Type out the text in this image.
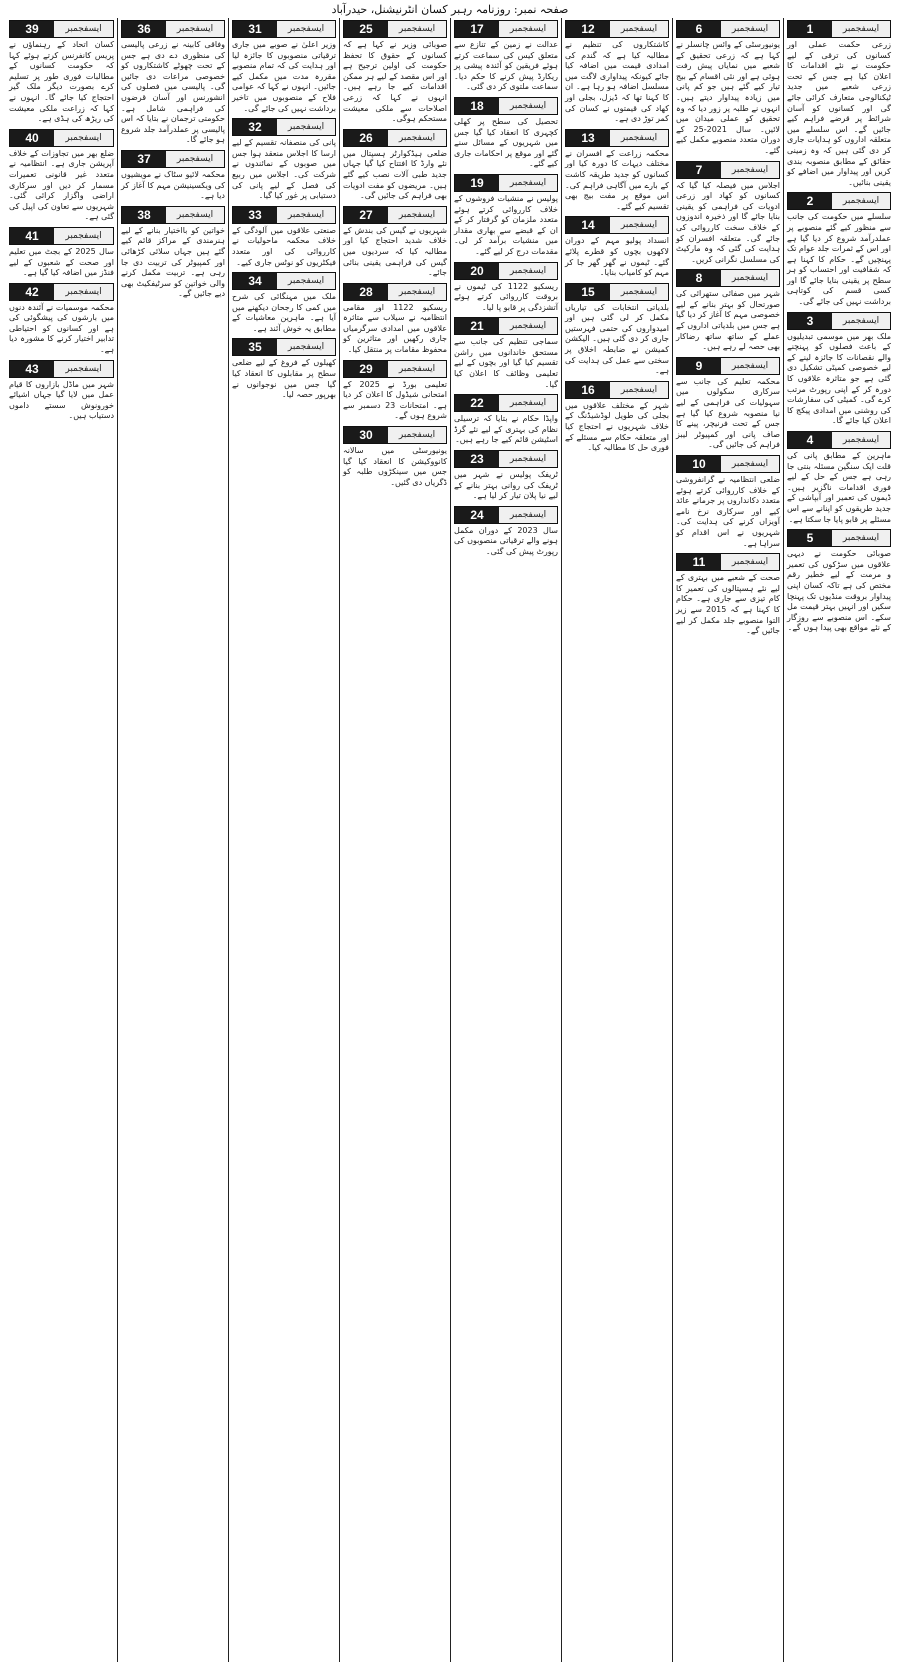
صفحہ نمبر: روزنامہ رہبر کسان انٹرنیشنل، حیدرآباد
ایسفجمبر
1

زرعی حکمت عملی اور کسانوں کی ترقی کے لیے حکومت نے نئے اقدامات کا اعلان کیا ہے جس کے تحت زرعی شعبے میں جدید ٹیکنالوجی متعارف کرائی جائے گی اور کسانوں کو آسان شرائط پر قرضے فراہم کیے جائیں گے۔ اس سلسلے میں متعلقہ اداروں کو ہدایات جاری کر دی گئی ہیں کہ وہ زمینی حقائق کے مطابق منصوبہ بندی کریں اور پیداوار میں اضافے کو یقینی بنائیں۔

ایسفجمبر
2

سلسلے میں حکومت کی جانب سے منظور کیے گئے منصوبے پر عملدرآمد شروع کر دیا گیا ہے اور اس کے ثمرات جلد عوام تک پہنچیں گے۔ حکام کا کہنا ہے کہ شفافیت اور احتساب کو ہر سطح پر یقینی بنایا جائے گا اور کسی قسم کی کوتاہی برداشت نہیں کی جائے گی۔

ایسفجمبر
3

ملک بھر میں موسمی تبدیلیوں کے باعث فصلوں کو پہنچنے والے نقصانات کا جائزہ لینے کے لیے خصوصی کمیٹی تشکیل دی گئی ہے جو متاثرہ علاقوں کا دورہ کر کے اپنی رپورٹ مرتب کرے گی۔ کمیٹی کی سفارشات کی روشنی میں امدادی پیکج کا اعلان کیا جائے گا۔

ایسفجمبر
4

ماہرین کے مطابق پانی کی قلت ایک سنگین مسئلہ بنتی جا رہی ہے جس کے حل کے لیے فوری اقدامات ناگزیر ہیں۔ ڈیموں کی تعمیر اور آبپاشی کے جدید طریقوں کو اپنانے سے اس مسئلے پر قابو پایا جا سکتا ہے۔

ایسفجمبر
5

صوبائی حکومت نے دیہی علاقوں میں سڑکوں کی تعمیر و مرمت کے لیے خطیر رقم مختص کی ہے تاکہ کسان اپنی پیداوار بروقت منڈیوں تک پہنچا سکیں اور انہیں بہتر قیمت مل سکے۔ اس منصوبے سے روزگار کے نئے مواقع بھی پیدا ہوں گے۔

ایسفجمبر
6

یونیورسٹی کے وائس چانسلر نے کہا ہے کہ زرعی تحقیق کے شعبے میں نمایاں پیش رفت ہوئی ہے اور نئی اقسام کے بیج تیار کیے گئے ہیں جو کم پانی میں زیادہ پیداوار دیتے ہیں۔ انہوں نے طلبہ پر زور دیا کہ وہ تحقیق کو عملی میدان میں لائیں۔ سال 2021-25 کے دوران متعدد منصوبے مکمل کیے گئے۔

ایسفجمبر
7

اجلاس میں فیصلہ کیا گیا کہ کسانوں کو کھاد اور زرعی ادویات کی فراہمی کو یقینی بنایا جائے گا اور ذخیرہ اندوزوں کے خلاف سخت کارروائی کی جائے گی۔ متعلقہ افسران کو ہدایت کی گئی کہ وہ مارکیٹ کی مسلسل نگرانی کریں۔

ایسفجمبر
8

شہر میں صفائی ستھرائی کی صورتحال کو بہتر بنانے کے لیے خصوصی مہم کا آغاز کر دیا گیا ہے جس میں بلدیاتی اداروں کے عملے کے ساتھ ساتھ رضاکار بھی حصہ لے رہے ہیں۔

ایسفجمبر
9

محکمہ تعلیم کی جانب سے سرکاری سکولوں میں سہولیات کی فراہمی کے لیے نیا منصوبہ شروع کیا گیا ہے جس کے تحت فرنیچر، پینے کا صاف پانی اور کمپیوٹر لیبز فراہم کی جائیں گی۔

ایسفجمبر
10

ضلعی انتظامیہ نے گرانفروشی کے خلاف کارروائی کرتے ہوئے متعدد دکانداروں پر جرمانے عائد کیے اور سرکاری نرخ نامے آویزاں کرنے کی ہدایت کی۔ شہریوں نے اس اقدام کو سراہا ہے۔

ایسفجمبر
11

صحت کے شعبے میں بہتری کے لیے نئے ہسپتالوں کی تعمیر کا کام تیزی سے جاری ہے۔ حکام کا کہنا ہے کہ 2015 سے زیر التوا منصوبے جلد مکمل کر لیے جائیں گے۔

ایسفجمبر
12

کاشتکاروں کی تنظیم نے مطالبہ کیا ہے کہ گندم کی امدادی قیمت میں اضافہ کیا جائے کیونکہ پیداواری لاگت میں مسلسل اضافہ ہو رہا ہے۔ ان کا کہنا تھا کہ ڈیزل، بجلی اور کھاد کی قیمتوں نے کسان کی کمر توڑ دی ہے۔

ایسفجمبر
13

محکمہ زراعت کے افسران نے مختلف دیہات کا دورہ کیا اور کسانوں کو جدید طریقہ کاشت کے بارے میں آگاہی فراہم کی۔ اس موقع پر مفت بیج بھی تقسیم کیے گئے۔

ایسفجمبر
14

انسداد پولیو مہم کے دوران لاکھوں بچوں کو قطرے پلائے گئے۔ ٹیموں نے گھر گھر جا کر مہم کو کامیاب بنایا۔

ایسفجمبر
15

بلدیاتی انتخابات کی تیاریاں مکمل کر لی گئی ہیں اور امیدواروں کی حتمی فہرستیں جاری کر دی گئی ہیں۔ الیکشن کمیشن نے ضابطہ اخلاق پر سختی سے عمل کی ہدایت کی ہے۔

ایسفجمبر
16

شہر کے مختلف علاقوں میں بجلی کی طویل لوڈشیڈنگ کے خلاف شہریوں نے احتجاج کیا اور متعلقہ حکام سے مسئلے کے فوری حل کا مطالبہ کیا۔

ایسفجمبر
17

عدالت نے زمین کے تنازع سے متعلق کیس کی سماعت کرتے ہوئے فریقین کو آئندہ پیشی پر ریکارڈ پیش کرنے کا حکم دیا۔ سماعت ملتوی کر دی گئی۔

ایسفجمبر
18

تحصیل کی سطح پر کھلی کچہری کا انعقاد کیا گیا جس میں شہریوں کے مسائل سنے گئے اور موقع پر احکامات جاری کیے گئے۔

ایسفجمبر
19

پولیس نے منشیات فروشوں کے خلاف کارروائی کرتے ہوئے متعدد ملزمان کو گرفتار کر کے ان کے قبضے سے بھاری مقدار میں منشیات برآمد کر لی۔ مقدمات درج کر لیے گئے۔

ایسفجمبر
20

ریسکیو 1122 کی ٹیموں نے بروقت کارروائی کرتے ہوئے آتشزدگی پر قابو پا لیا۔

ایسفجمبر
21

سماجی تنظیم کی جانب سے مستحق خاندانوں میں راشن تقسیم کیا گیا اور بچوں کے لیے تعلیمی وظائف کا اعلان کیا گیا۔

ایسفجمبر
22

واپڈا حکام نے بتایا کہ ترسیلی نظام کی بہتری کے لیے نئے گرڈ اسٹیشن قائم کیے جا رہے ہیں۔

ایسفجمبر
23

ٹریفک پولیس نے شہر میں ٹریفک کی روانی بہتر بنانے کے لیے نیا پلان تیار کر لیا ہے۔

ایسفجمبر
24

سال 2023 کے دوران مکمل ہونے والے ترقیاتی منصوبوں کی رپورٹ پیش کی گئی۔

ایسفجمبر
25

صوبائی وزیر نے کہا ہے کہ کسانوں کے حقوق کا تحفظ حکومت کی اولین ترجیح ہے اور اس مقصد کے لیے ہر ممکن اقدامات کیے جا رہے ہیں۔ انہوں نے کہا کہ زرعی اصلاحات سے ملکی معیشت مستحکم ہوگی۔

ایسفجمبر
26

ضلعی ہیڈکوارٹر ہسپتال میں نئے وارڈ کا افتتاح کیا گیا جہاں جدید طبی آلات نصب کیے گئے ہیں۔ مریضوں کو مفت ادویات بھی فراہم کی جائیں گی۔

ایسفجمبر
27

شہریوں نے گیس کی بندش کے خلاف شدید احتجاج کیا اور مطالبہ کیا کہ سردیوں میں گیس کی فراہمی یقینی بنائی جائے۔

ایسفجمبر
28

ریسکیو 1122 اور مقامی انتظامیہ نے سیلاب سے متاثرہ علاقوں میں امدادی سرگرمیاں جاری رکھیں اور متاثرین کو محفوظ مقامات پر منتقل کیا۔

ایسفجمبر
29

تعلیمی بورڈ نے 2025 کے امتحانی شیڈول کا اعلان کر دیا ہے۔ امتحانات 23 دسمبر سے شروع ہوں گے۔

ایسفجمبر
30

یونیورسٹی میں سالانہ کانووکیشن کا انعقاد کیا گیا جس میں سینکڑوں طلبہ کو ڈگریاں دی گئیں۔

ایسفجمبر
31

وزیر اعلیٰ نے صوبے میں جاری ترقیاتی منصوبوں کا جائزہ لیا اور ہدایت کی کہ تمام منصوبے مقررہ مدت میں مکمل کیے جائیں۔ انہوں نے کہا کہ عوامی فلاح کے منصوبوں میں تاخیر برداشت نہیں کی جائے گی۔

ایسفجمبر
32

پانی کی منصفانہ تقسیم کے لیے ارسا کا اجلاس منعقد ہوا جس میں صوبوں کے نمائندوں نے شرکت کی۔ اجلاس میں ربیع کی فصل کے لیے پانی کی دستیابی پر غور کیا گیا۔

ایسفجمبر
33

صنعتی علاقوں میں آلودگی کے خلاف محکمہ ماحولیات نے کارروائی کی اور متعدد فیکٹریوں کو نوٹس جاری کیے۔

ایسفجمبر
34

ملک میں مہنگائی کی شرح میں کمی کا رجحان دیکھنے میں آیا ہے۔ ماہرین معاشیات کے مطابق یہ خوش آئند ہے۔

ایسفجمبر
35

کھیلوں کے فروغ کے لیے ضلعی سطح پر مقابلوں کا انعقاد کیا گیا جس میں نوجوانوں نے بھرپور حصہ لیا۔

ایسفجمبر
36

وفاقی کابینہ نے زرعی پالیسی کی منظوری دے دی ہے جس کے تحت چھوٹے کاشتکاروں کو خصوصی مراعات دی جائیں گی۔ پالیسی میں فصلوں کی انشورنس اور آسان قرضوں کی فراہمی شامل ہے۔ حکومتی ترجمان نے بتایا کہ اس پالیسی پر عملدرآمد جلد شروع ہو جائے گا۔

ایسفجمبر
37

محکمہ لائیو سٹاک نے مویشیوں کی ویکسینیشن مہم کا آغاز کر دیا ہے۔

ایسفجمبر
38

خواتین کو بااختیار بنانے کے لیے ہنرمندی کے مراکز قائم کیے گئے ہیں جہاں سلائی کڑھائی اور کمپیوٹر کی تربیت دی جا رہی ہے۔ تربیت مکمل کرنے والی خواتین کو سرٹیفکیٹ بھی دیے جائیں گے۔

ایسفجمبر
39

کسان اتحاد کے رہنماؤں نے پریس کانفرنس کرتے ہوئے کہا کہ حکومت کسانوں کے مطالبات فوری طور پر تسلیم کرے بصورت دیگر ملک گیر احتجاج کیا جائے گا۔ انہوں نے کہا کہ زراعت ملکی معیشت کی ریڑھ کی ہڈی ہے۔

ایسفجمبر
40

ضلع بھر میں تجاوزات کے خلاف آپریشن جاری ہے۔ انتظامیہ نے متعدد غیر قانونی تعمیرات مسمار کر دیں اور سرکاری اراضی واگزار کرائی گئی۔ شہریوں سے تعاون کی اپیل کی گئی ہے۔

ایسفجمبر
41

سال 2025 کے بجٹ میں تعلیم اور صحت کے شعبوں کے لیے فنڈز میں اضافہ کیا گیا ہے۔

ایسفجمبر
42

محکمہ موسمیات نے آئندہ دنوں میں بارشوں کی پیشگوئی کی ہے اور کسانوں کو احتیاطی تدابیر اختیار کرنے کا مشورہ دیا ہے۔

ایسفجمبر
43

شہر میں ماڈل بازاروں کا قیام عمل میں لایا گیا جہاں اشیائے خورونوش سستے داموں دستیاب ہیں۔
